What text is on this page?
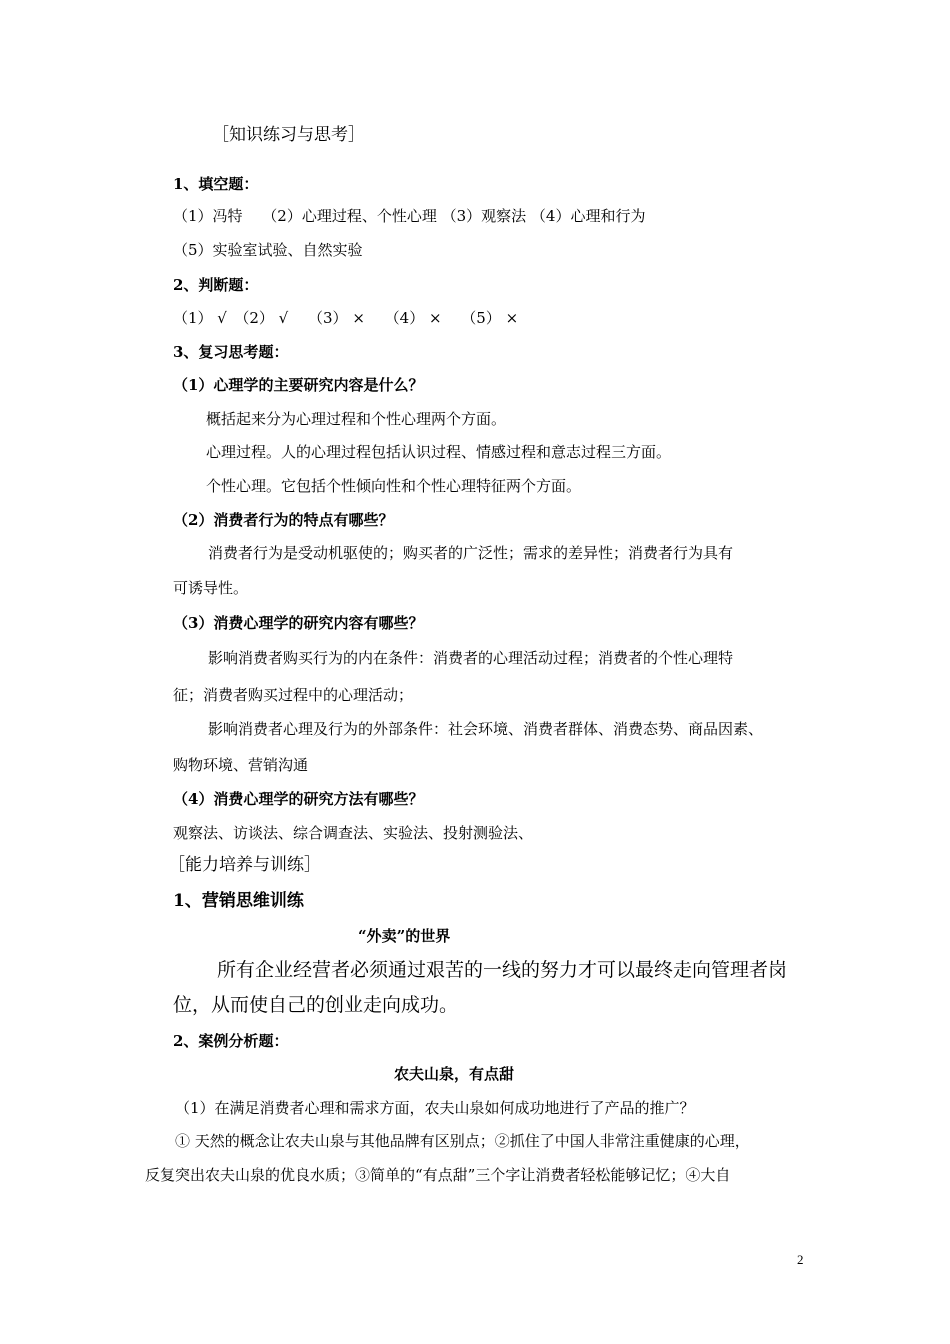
［知识练习与思考］
1、填空题：
（1）冯特　 （2）心理过程、个性心理 （3）观察法 （4）心理和行为
（5）实验室试验、自然实验
2、判断题：
（1） √　（2） √　 （3） ×　 （4） ×　 （5） ×
3、复习思考题：
（1）心理学的主要研究内容是什么？
概括起来分为心理过程和个性心理两个方面。
心理过程。人的心理过程包括认识过程、情感过程和意志过程三方面。
个性心理。它包括个性倾向性和个性心理特征两个方面。
（2）消费者行为的特点有哪些？
消费者行为是受动机驱使的；购买者的广泛性；需求的差异性；消费者行为具有
可诱导性。
（3）消费心理学的研究内容有哪些？
影响消费者购买行为的内在条件：消费者的心理活动过程；消费者的个性心理特
征；消费者购买过程中的心理活动；
影响消费者心理及行为的外部条件：社会环境、消费者群体、消费态势、商品因素、
购物环境、营销沟通
（4）消费心理学的研究方法有哪些？
观察法、访谈法、综合调查法、实验法、投射测验法、
［能力培养与训练］
1、营销思维训练
“外卖”的世界
所有企业经营者必须通过艰苦的一线的努力才可以最终走向管理者岗
位，从而使自己的创业走向成功。
2、案例分析题：
农夫山泉，有点甜
（1）在满足消费者心理和需求方面，农夫山泉如何成功地进行了产品的推广？
① 天然的概念让农夫山泉与其他品牌有区别点；②抓住了中国人非常注重健康的心理，
反复突出农夫山泉的优良水质；③简单的“有点甜”三个字让消费者轻松能够记忆；④大自
2
